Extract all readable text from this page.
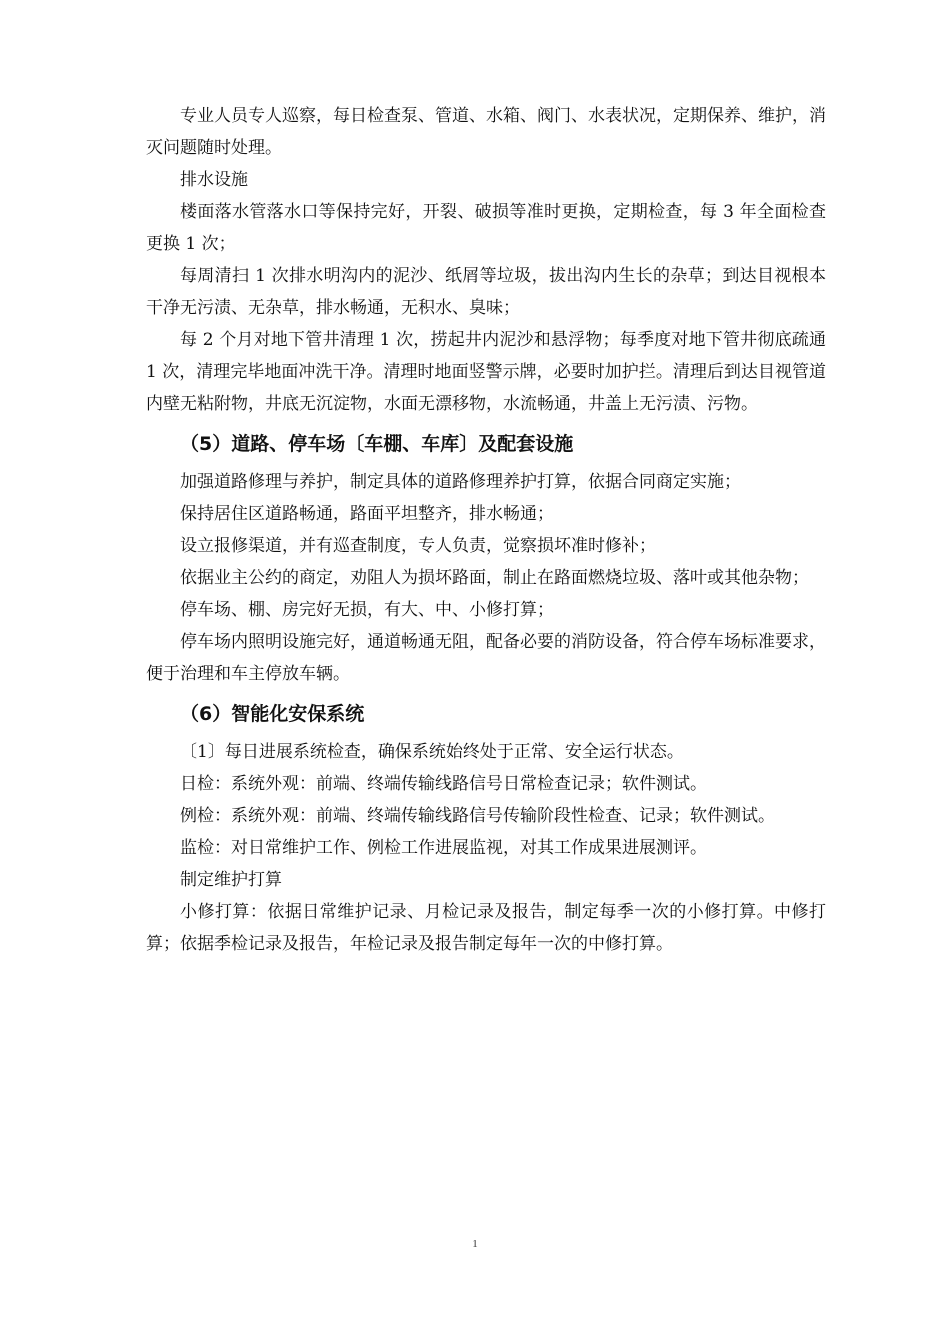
专业人员专人巡察，每日检查泵、管道、水箱、阀门、水表状况，定期保养、维护，消灭问题随时处理。

排水设施

楼面落水管落水口等保持完好，开裂、破损等准时更换，定期检查，每 3 年全面检查更换 1 次；

每周清扫 1 次排水明沟内的泥沙、纸屑等垃圾，拔出沟内生长的杂草；到达目视根本干净无污渍、无杂草，排水畅通，无积水、臭味；

每 2 个月对地下管井清理 1 次，捞起井内泥沙和悬浮物；每季度对地下管井彻底疏通 1 次，清理完毕地面冲洗干净。清理时地面竖警示牌，必要时加护拦。清理后到达目视管道内壁无粘附物，井底无沉淀物，水面无漂移物，水流畅通，井盖上无污渍、污物。

（5）道路、停车场〔车棚、车库〕及配套设施

加强道路修理与养护，制定具体的道路修理养护打算，依据合同商定实施；

保持居住区道路畅通，路面平坦整齐，排水畅通；

设立报修渠道，并有巡查制度，专人负责，觉察损坏准时修补；

依据业主公约的商定，劝阻人为损坏路面，制止在路面燃烧垃圾、落叶或其他杂物；

停车场、棚、房完好无损，有大、中、小修打算；

停车场内照明设施完好，通道畅通无阻，配备必要的消防设备，符合停车场标准要求，便于治理和车主停放车辆。

（6）智能化安保系统

〔1〕每日进展系统检查，确保系统始终处于正常、安全运行状态。

日检：系统外观：前端、终端传输线路信号日常检查记录；软件测试。

例检：系统外观：前端、终端传输线路信号传输阶段性检查、记录；软件测试。

监检：对日常维护工作、例检工作进展监视，对其工作成果进展测评。

制定维护打算

小修打算：依据日常维护记录、月检记录及报告，制定每季一次的小修打算。中修打算；依据季检记录及报告，年检记录及报告制定每年一次的中修打算。

1
